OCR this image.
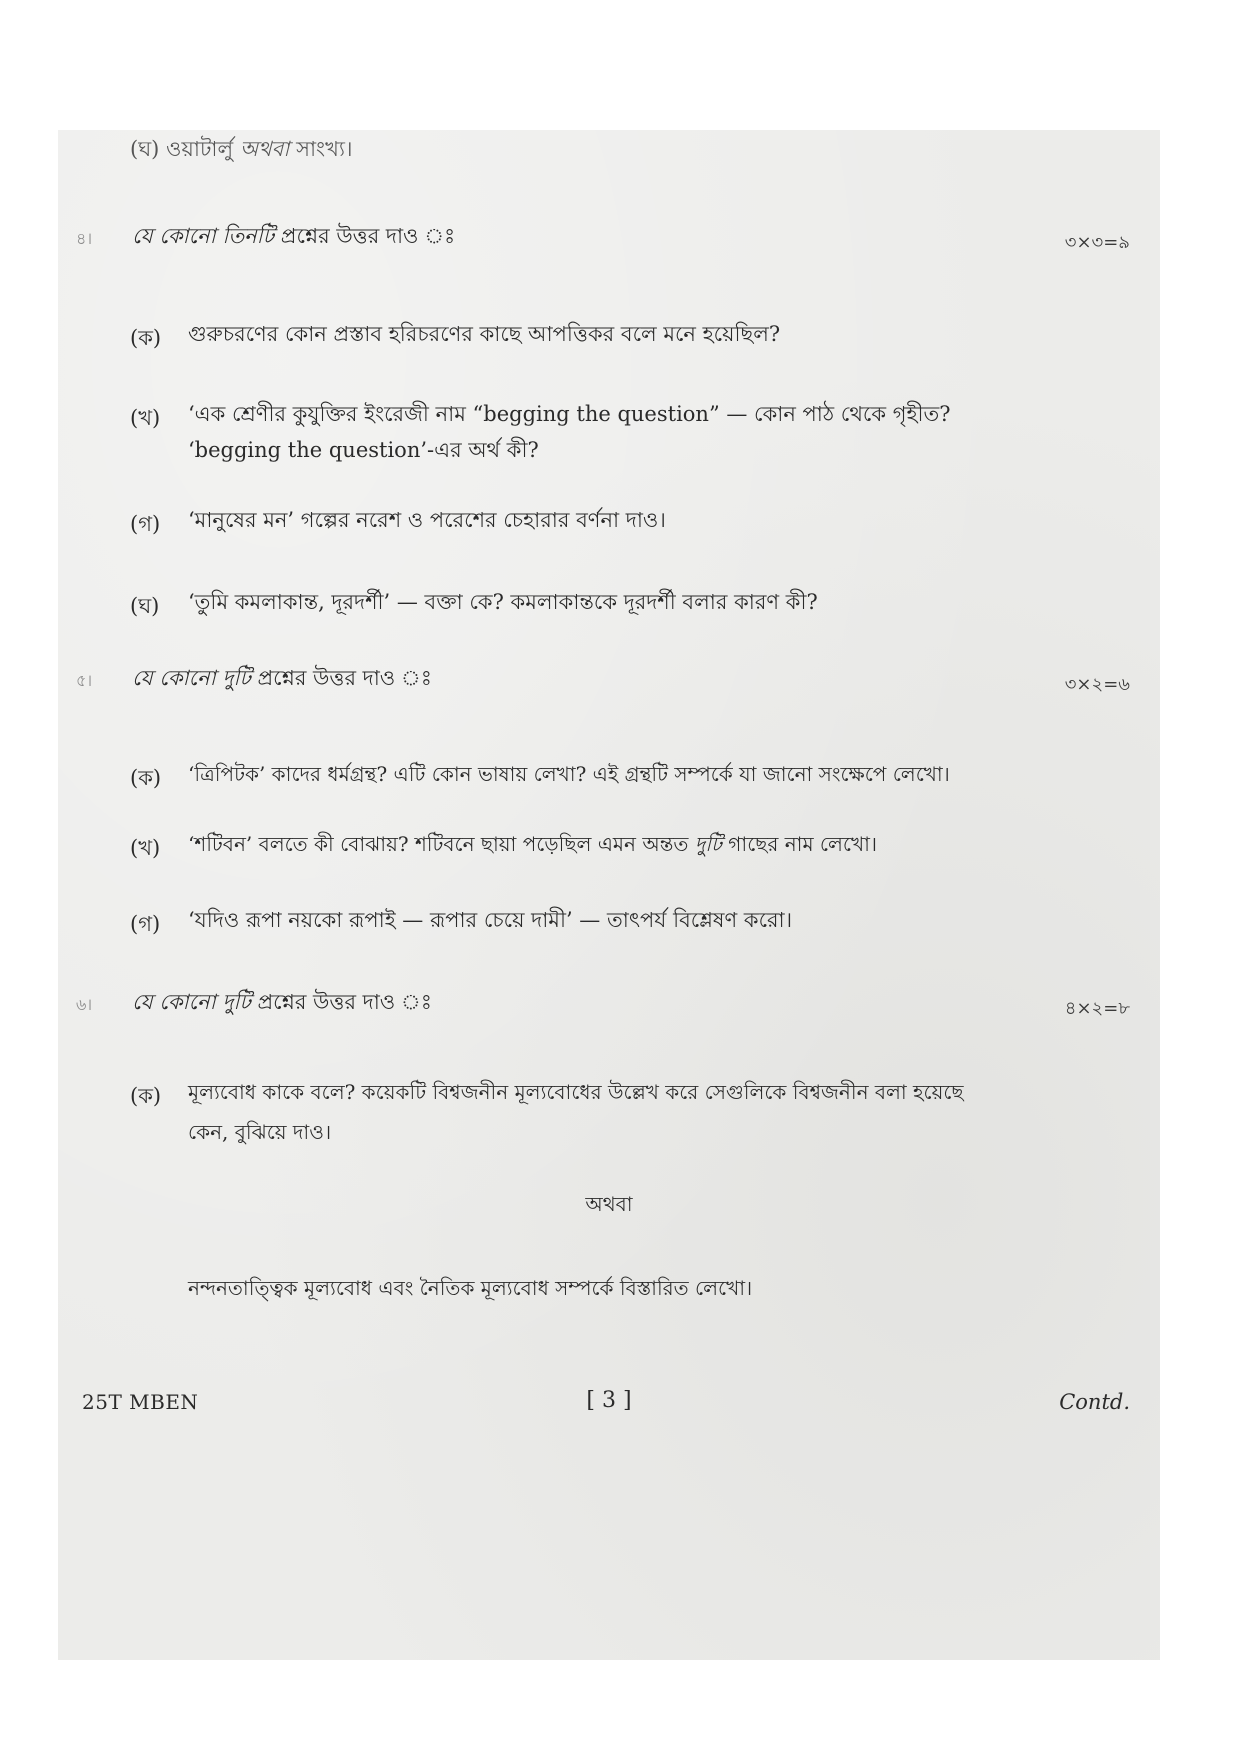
(ঘ) ওয়াটার্লু অথবা সাংখ্য।
৪। যে কোনো তিনটি প্রশ্নের উত্তর দাও ঃ	৩×৩=৯
(ক) গুরুচরণের কোন প্রস্তাব হরিচরণের কাছে আপত্তিকর বলে মনে হয়েছিল?
(খ) ‘এক শ্রেণীর কুযুক্তির ইংরেজী নাম “begging the question” — কোন পাঠ থেকে গৃহীত?
‘begging the question’-এর অর্থ কী?
(গ) ‘মানুষের মন’ গল্পের নরেশ ও পরেশের চেহারার বর্ণনা দাও।
(ঘ) ‘তুমি কমলাকান্ত, দূরদর্শী’ — বক্তা কে? কমলাকান্তকে দূরদর্শী বলার কারণ কী?
৫। যে কোনো দুটি প্রশ্নের উত্তর দাও ঃ	৩×২=৬
(ক) ‘ত্রিপিটক’ কাদের ধর্মগ্রন্থ? এটি কোন ভাষায় লেখা? এই গ্রন্থটি সম্পর্কে যা জানো সংক্ষেপে লেখো।
(খ) ‘শটিবন’ বলতে কী বোঝায়? শটিবনে ছায়া পড়েছিল এমন অন্তত দুটি গাছের নাম লেখো।
(গ) ‘যদিও রূপা নয়কো রূপাই — রূপার চেয়ে দামী’ — তাৎপর্য বিশ্লেষণ করো।
৬। যে কোনো দুটি প্রশ্নের উত্তর দাও ঃ	৪×২=৮
(ক) মূল্যবোধ কাকে বলে? কয়েকটি বিশ্বজনীন মূল্যবোধের উল্লেখ করে সেগুলিকে বিশ্বজনীন বলা হয়েছে
কেন, বুঝিয়ে দাও।
অথবা
নন্দনতাত্ত্বিক মূল্যবোধ এবং নৈতিক মূল্যবোধ সম্পর্কে বিস্তারিত লেখো।
25T MBEN	[ 3 ]	Contd.
